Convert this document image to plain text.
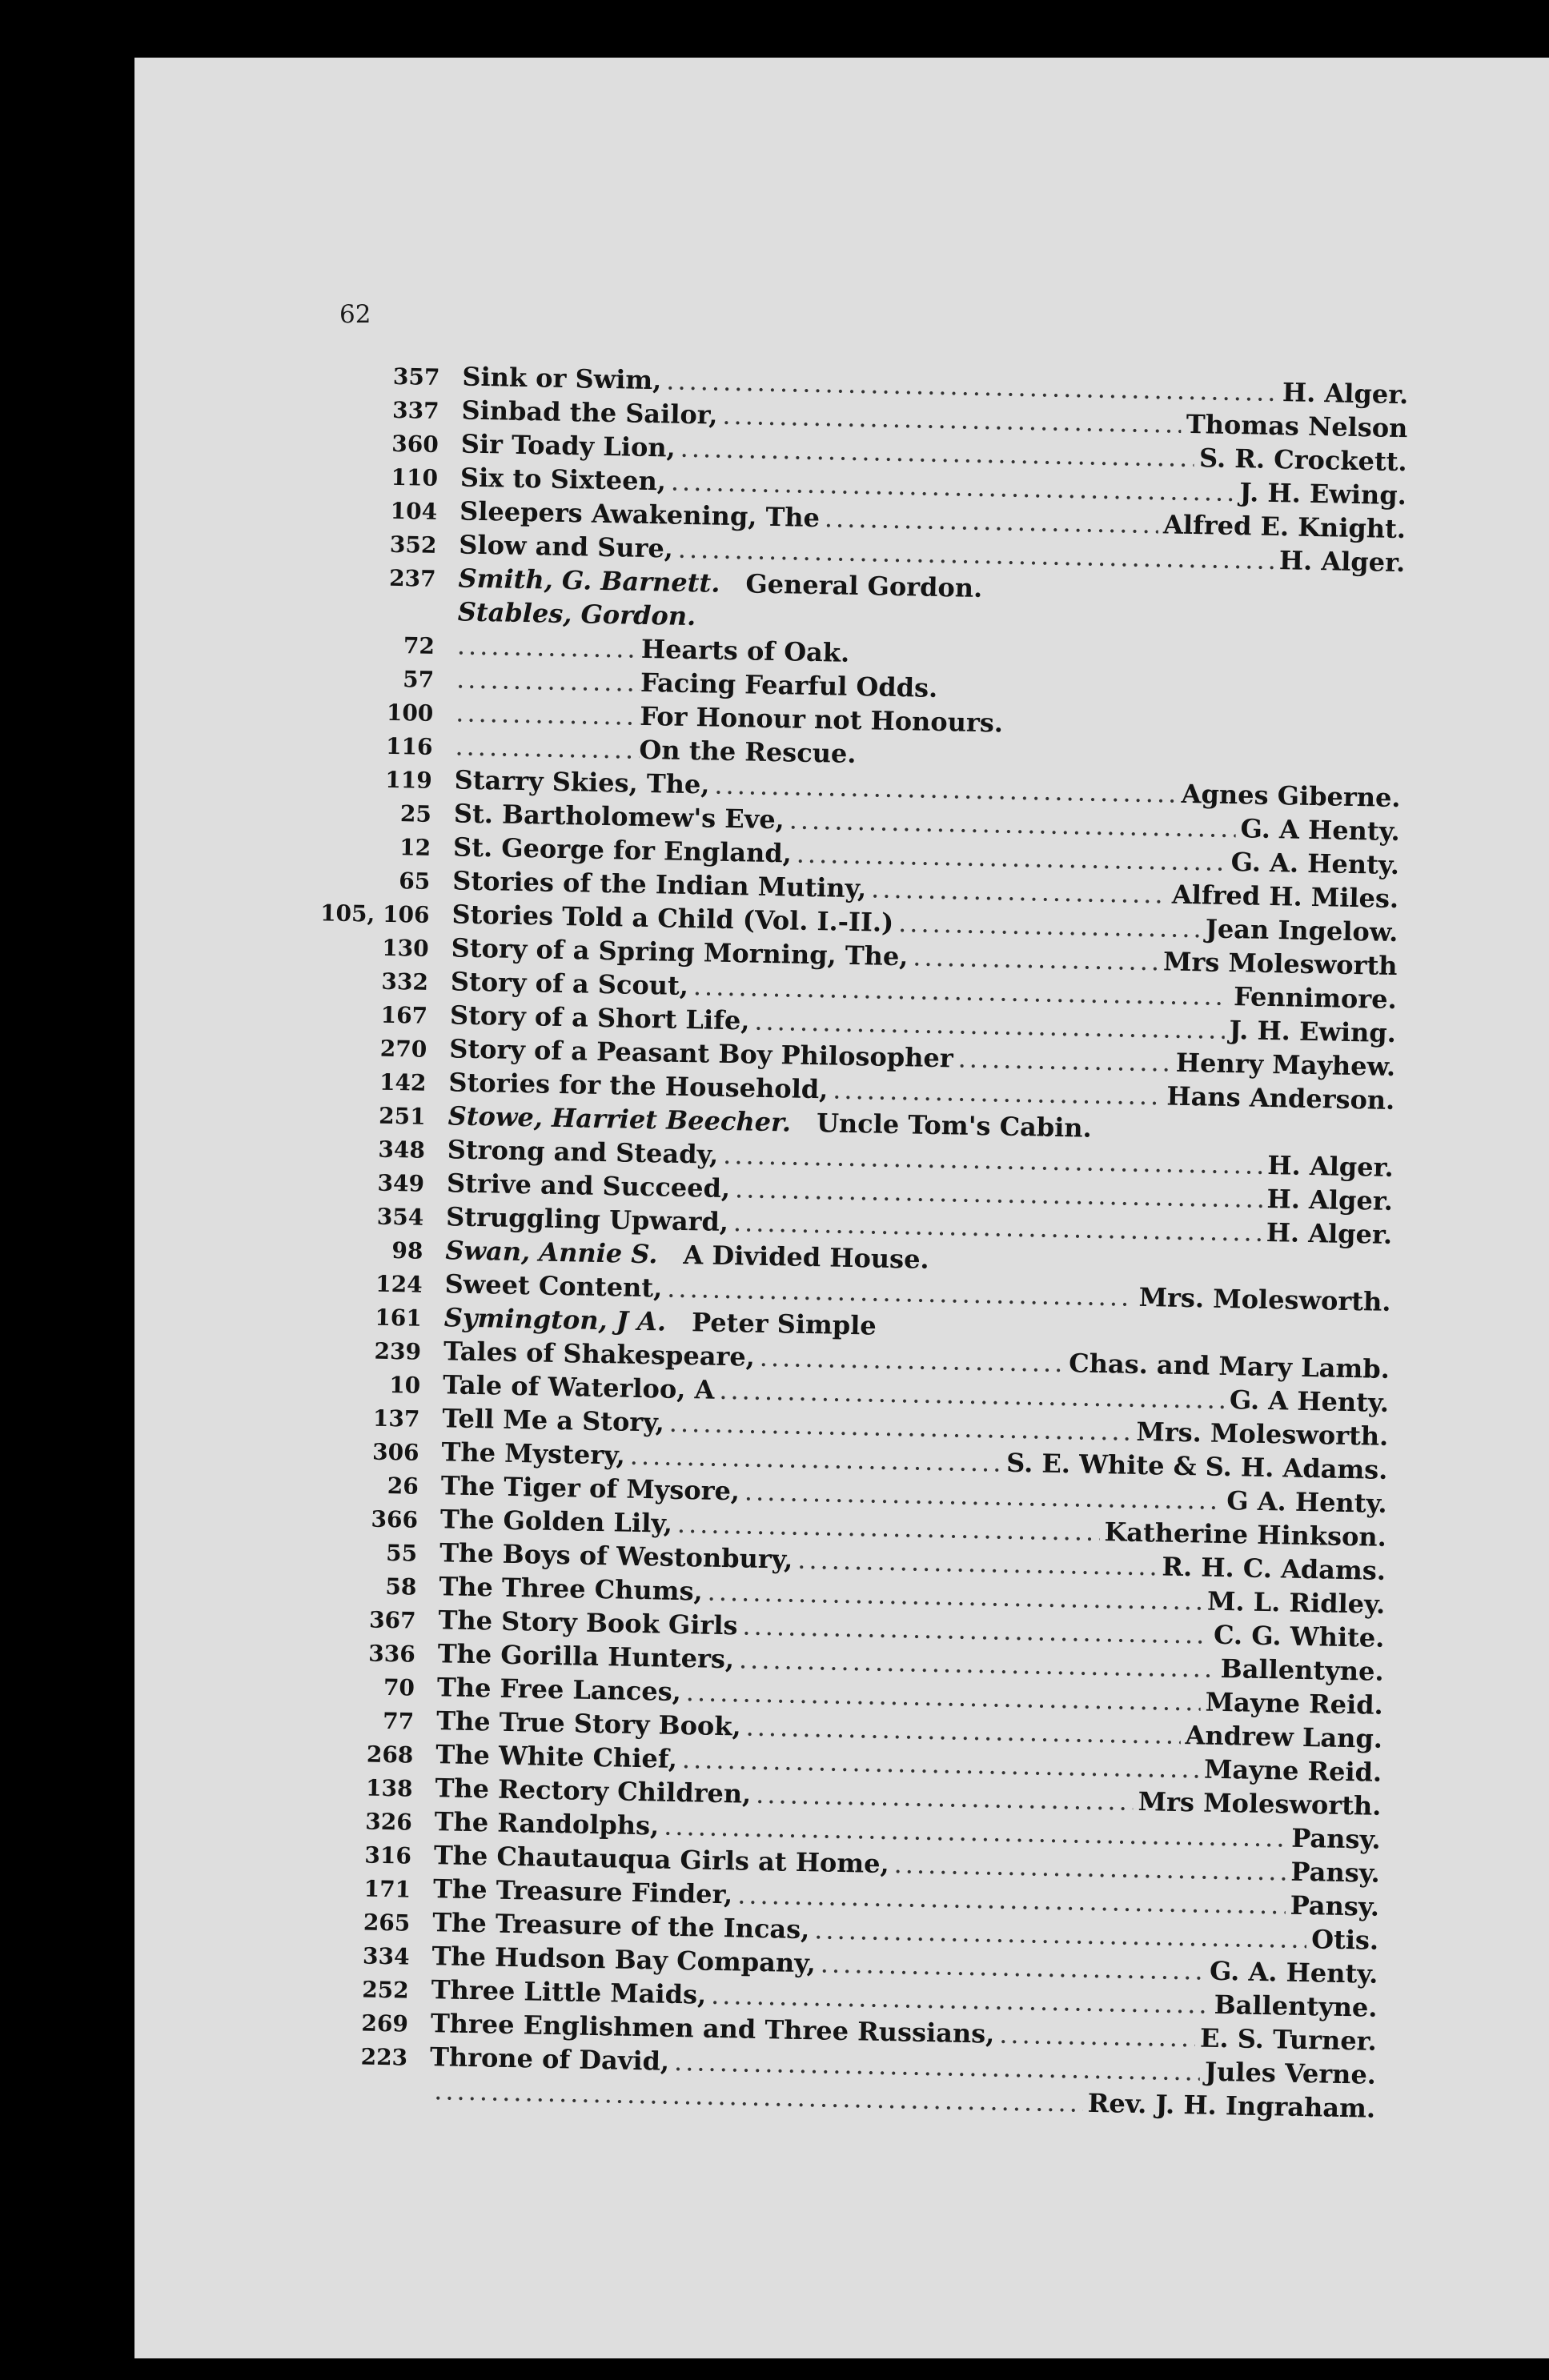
62
357 Sink or Swim, .....	H. Alger.
337 Sinbad the Sailor, .....	Thomas Nelson
360 Sir Toady Lion, .....	S. R. Crockett.
110 Six to Sixteen, .....	J. H. Ewing.
104 Sleepers Awakening, The .....	Alfred E. Knight.
352 Slow and Sure, .....	H. Alger.
237 Smith, G. Barnett. General Gordon.
Stables, Gordon.
72 .....	Hearts of Oak.
57 .....	Facing Fearful Odds.
100 .....	For Honour not Honours.
116 .....	On the Rescue.
119 Starry Skies, The, .....	Agnes Giberne.
25 St. Bartholomew's Eve, .....	G. A Henty.
12 St. George for England, .....	G. A. Henty.
65 Stories of the Indian Mutiny, .....	Alfred H. Miles.
105, 106 Stories Told a Child (Vol. I.-II.) .....	Jean Ingelow.
130 Story of a Spring Morning, The, .....	Mrs Molesworth
332 Story of a Scout, .....	Fennimore.
167 Story of a Short Life, .....	J. H. Ewing.
270 Story of a Peasant Boy Philosopher .....	Henry Mayhew.
142 Stories for the Household, .....	Hans Anderson.
251 Stowe, Harriet Beecher. Uncle Tom's Cabin.
348 Strong and Steady, .....	H. Alger.
349 Strive and Succeed, .....	H. Alger.
354 Struggling Upward, .....	H. Alger.
98 Swan, Annie S. A Divided House.
124 Sweet Content, .....	Mrs. Molesworth.
161 Symington, J A. Peter Simple
239 Tales of Shakespeare, .....	Chas. and Mary Lamb.
10 Tale of Waterloo, A .....	G. A Henty.
137 Tell Me a Story, .....	Mrs. Molesworth.
306 The Mystery, .....	S. E. White & S. H. Adams.
26 The Tiger of Mysore, .....	G A. Henty.
366 The Golden Lily, .....	Katherine Hinkson.
55 The Boys of Westonbury, .....	R. H. C. Adams.
58 The Three Chums, .....	M. L. Ridley.
367 The Story Book Girls .....	C. G. White.
336 The Gorilla Hunters, .....	Ballentyne.
70 The Free Lances, .....	Mayne Reid.
77 The True Story Book, .....	Andrew Lang.
268 The White Chief, .....	Mayne Reid.
138 The Rectory Children, .....	Mrs Molesworth.
326 The Randolphs, .....	Pansy.
316 The Chautauqua Girls at Home, .....	Pansy.
171 The Treasure Finder, .....	Pansy.
265 The Treasure of the Incas, .....	Otis.
334 The Hudson Bay Company, .....	G. A. Henty.
252 Three Little Maids, .....	Ballentyne.
269 Three Englishmen and Three Russians, .....	E. S. Turner.
223 Throne of David, .....	Jules Verne.
.....
Rev. J. H. Ingraham.
